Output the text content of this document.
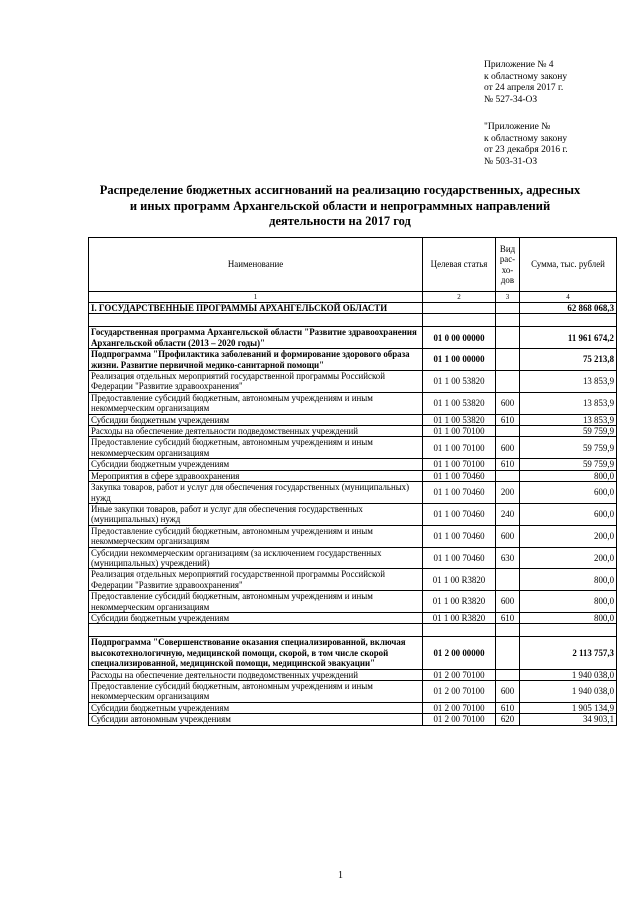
Приложение № 4
к областному закону
от 24 апреля 2017 г.
№ 527-34-ОЗ
"Приложение №
к областному закону
от 23 декабря 2016 г.
№ 503-31-ОЗ
Распределение бюджетных ассигнований на реализацию государственных, адресных
и иных программ Архангельской области и непрограммных направлений
деятельности на 2017 год
Наименование	Целевая статья	Вид рас-хо-дов	Сумма, тыс. рублей
1	2	3	4
I. ГОСУДАРСТВЕННЫЕ ПРОГРАММЫ АРХАНГЕЛЬСКОЙ ОБЛАСТИ			62 868 068,3

Государственная программа Архангельской области "Развитие здравоохранения Архангельской области (2013 – 2020 годы)"	01 0 00 00000		11 961 674,2
Подпрограмма "Профилактика заболеваний и формирование здорового образа жизни. Развитие первичной медико-санитарной помощи"	01 1 00 00000		75 213,8
Реализация отдельных мероприятий государственной программы Российской Федерации "Развитие здравоохранения"	01 1 00 53820		13 853,9
Предоставление субсидий бюджетным, автономным учреждениям и иным некоммерческим организациям	01 1 00 53820	600	13 853,9
Субсидии бюджетным учреждениям	01 1 00 53820	610	13 853,9
Расходы на обеспечение деятельности подведомственных учреждений	01 1 00 70100		59 759,9
Предоставление субсидий бюджетным, автономным учреждениям и иным некоммерческим организациям	01 1 00 70100	600	59 759,9
Субсидии бюджетным учреждениям	01 1 00 70100	610	59 759,9
Мероприятия в сфере здравоохранения	01 1 00 70460		800,0
Закупка товаров, работ и услуг для обеспечения государственных (муниципальных) нужд	01 1 00 70460	200	600,0
Иные закупки товаров, работ и услуг для обеспечения государственных (муниципальных) нужд	01 1 00 70460	240	600,0
Предоставление субсидий бюджетным, автономным учреждениям и иным некоммерческим организациям	01 1 00 70460	600	200,0
Субсидии некоммерческим организациям (за исключением государственных (муниципальных) учреждений)	01 1 00 70460	630	200,0
Реализация отдельных мероприятий государственной программы Российской Федерации "Развитие здравоохранения"	01 1 00 R3820		800,0
Предоставление субсидий бюджетным, автономным учреждениям и иным некоммерческим организациям	01 1 00 R3820	600	800,0
Субсидии бюджетным учреждениям	01 1 00 R3820	610	800,0

Подпрограмма "Совершенствование оказания специализированной, включая высокотехнологичную, медицинской помощи, скорой, в том числе скорой специализированной, медицинской помощи, медицинской эвакуации"	01 2 00 00000		2 113 757,3
Расходы на обеспечение деятельности подведомственных учреждений	01 2 00 70100		1 940 038,0
Предоставление субсидий бюджетным, автономным учреждениям и иным некоммерческим организациям	01 2 00 70100	600	1 940 038,0
Субсидии бюджетным учреждениям	01 2 00 70100	610	1 905 134,9
Субсидии автономным учреждениям	01 2 00 70100	620	34 903,1
1
